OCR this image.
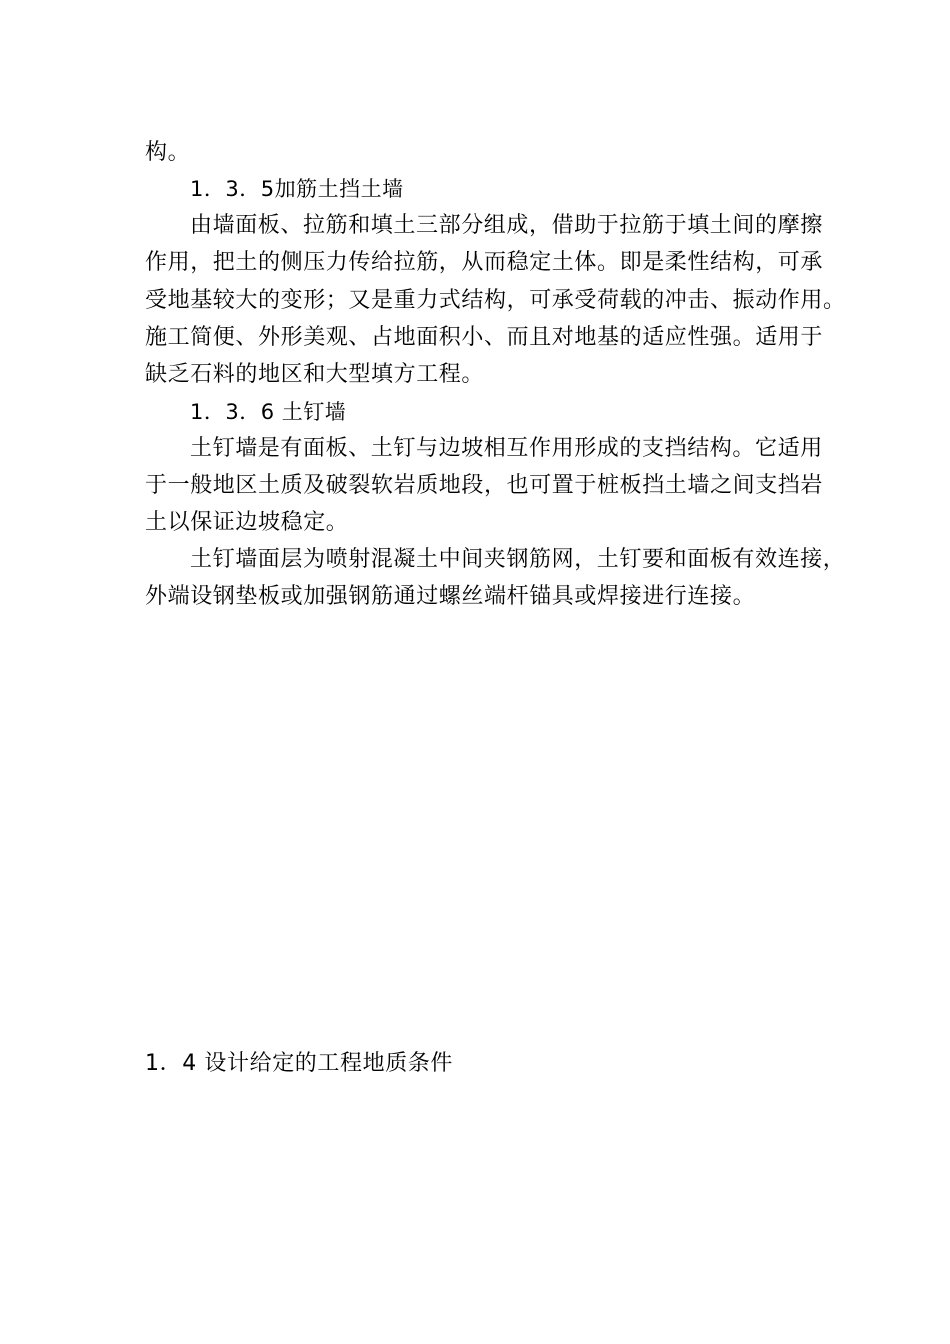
构。
1．3．5加筋土挡土墙
由墙面板、拉筋和填土三部分组成，借助于拉筋于填土间的摩擦
作用，把土的侧压力传给拉筋，从而稳定土体。即是柔性结构，可承
受地基较大的变形；又是重力式结构，可承受荷载的冲击、振动作用。
施工简便、外形美观、占地面积小、而且对地基的适应性强。适用于
缺乏石料的地区和大型填方工程。
1．3．6 土钉墙
土钉墙是有面板、土钉与边坡相互作用形成的支挡结构。它适用
于一般地区土质及破裂软岩质地段，也可置于桩板挡土墙之间支挡岩
土以保证边坡稳定。
土钉墙面层为喷射混凝土中间夹钢筋网，土钉要和面板有效连接，
外端设钢垫板或加强钢筋通过螺丝端杆锚具或焊接进行连接。
1．4 设计给定的工程地质条件
